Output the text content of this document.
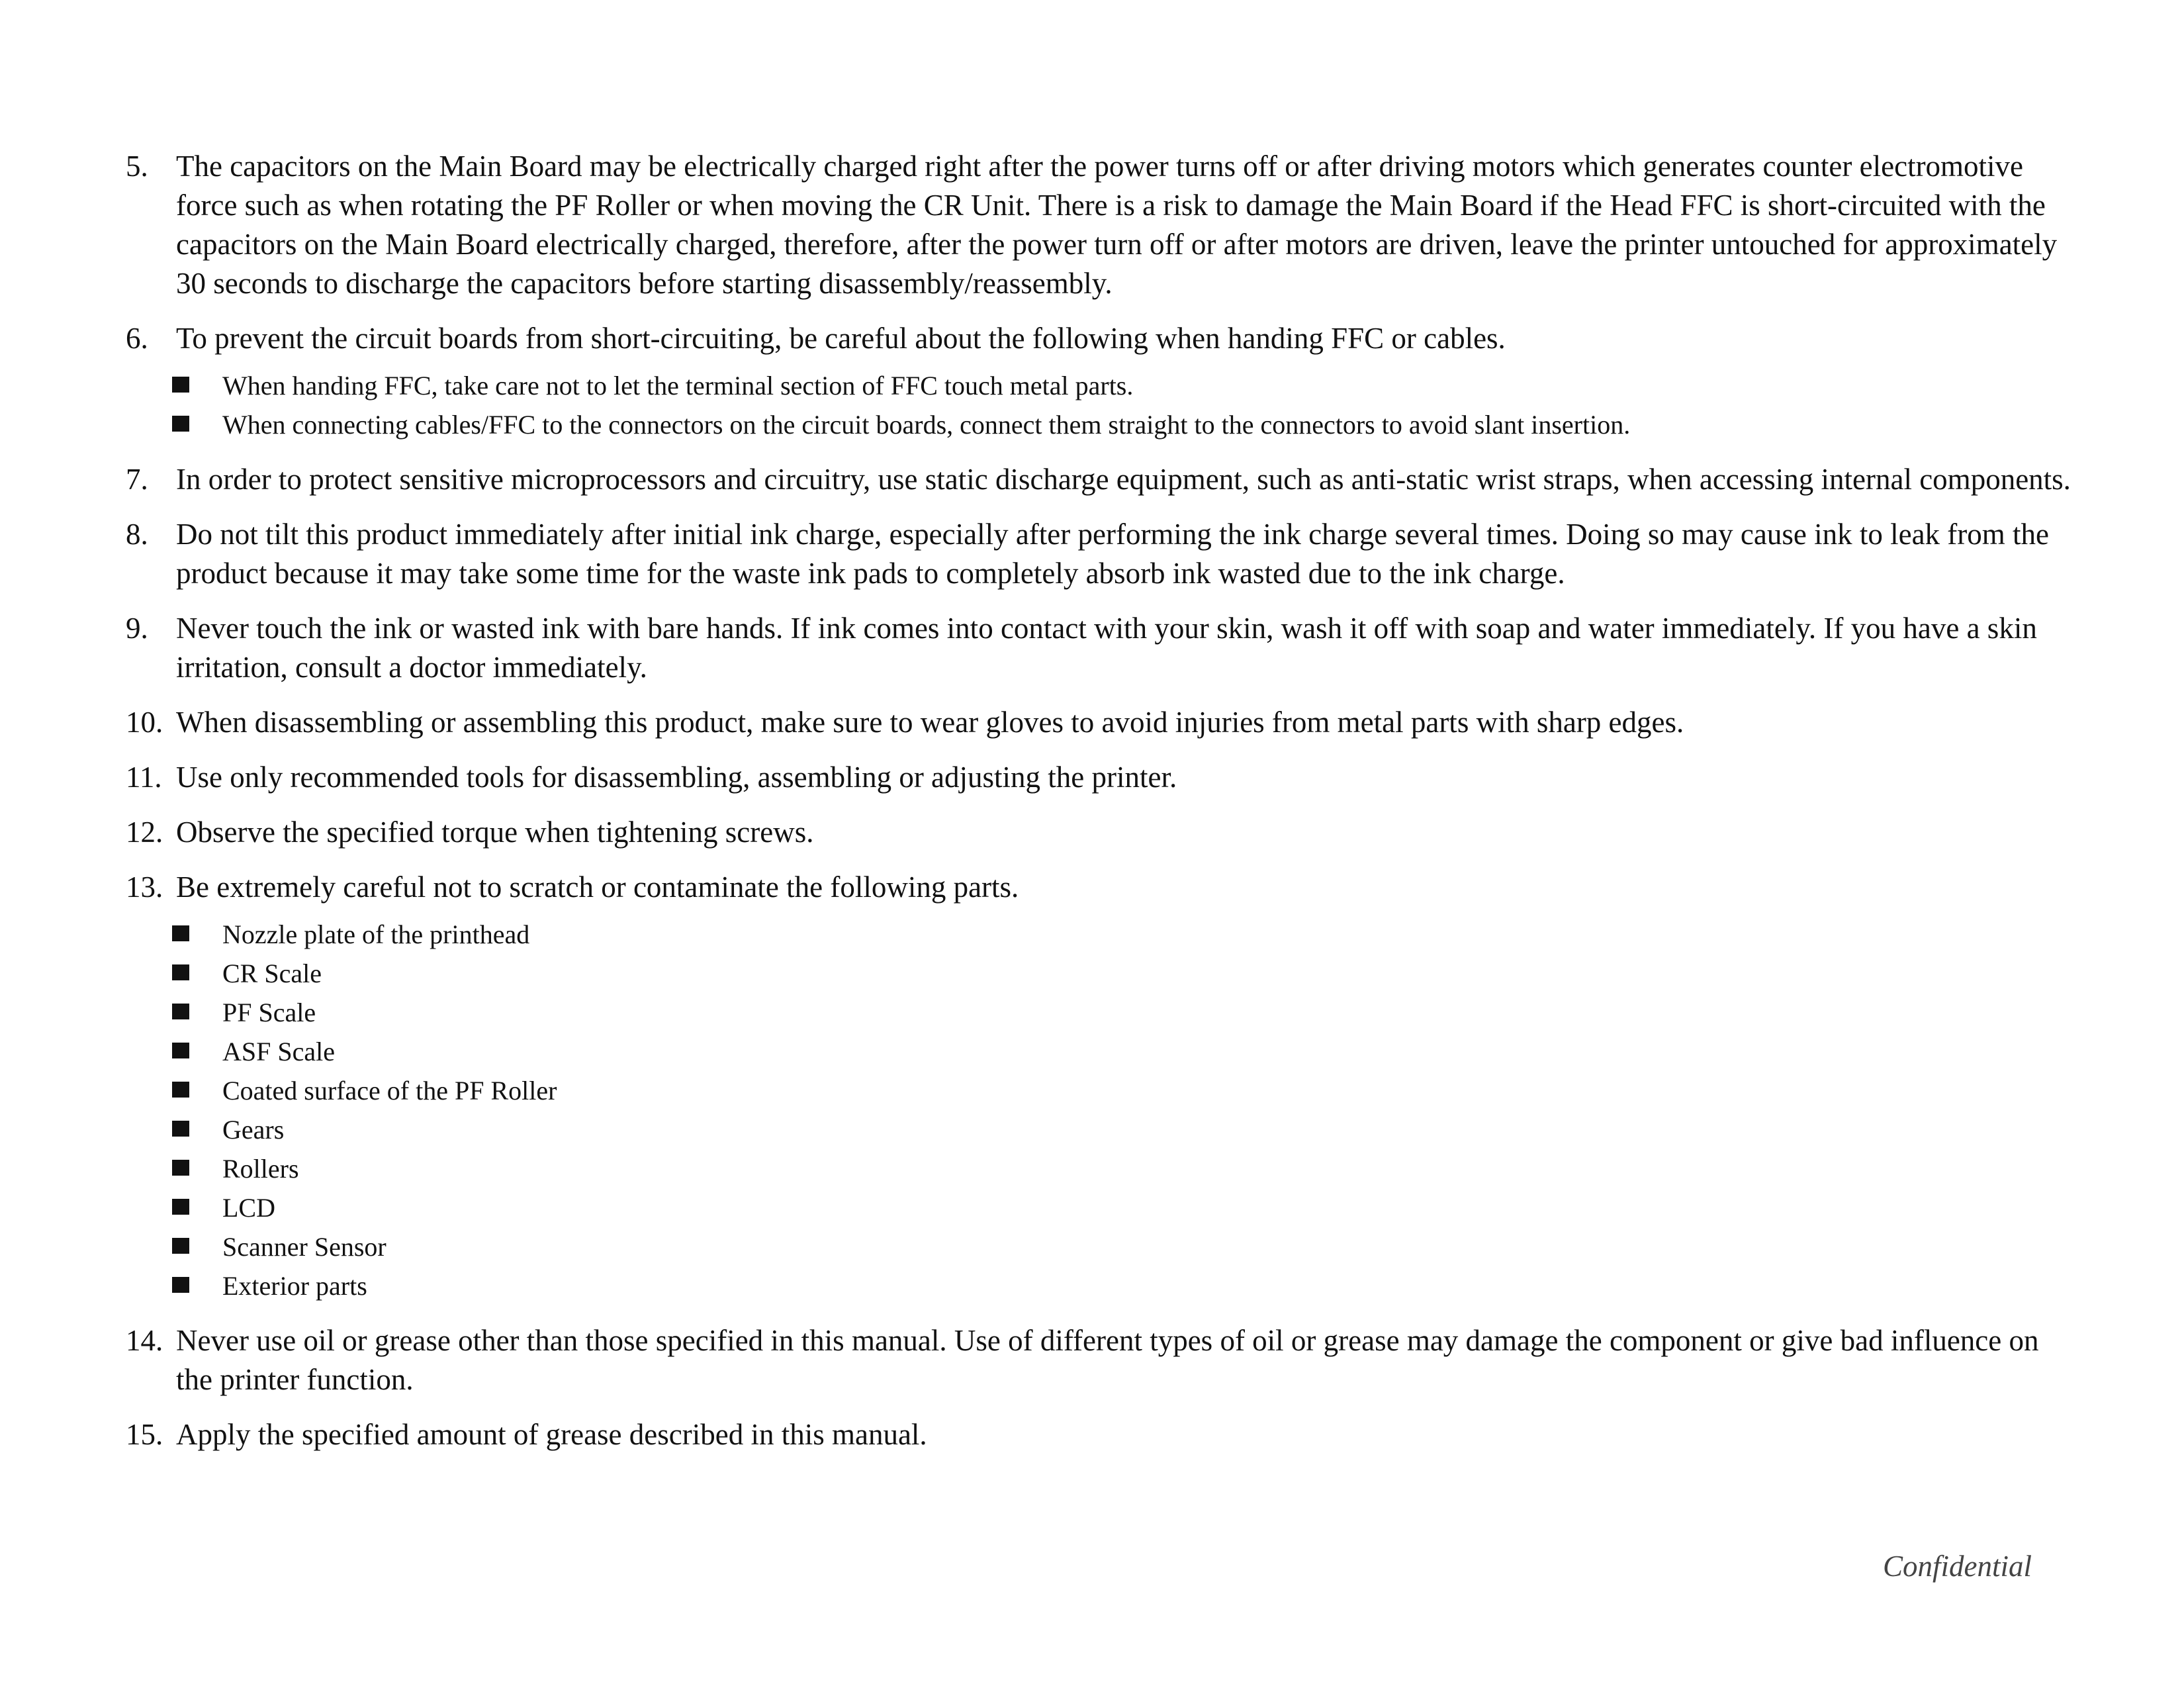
5. The capacitors on the Main Board may be electrically charged right after the power turns off or after driving motors which generates counter electromotive force such as when rotating the PF Roller or when moving the CR Unit. There is a risk to damage the Main Board if the Head FFC is short-circuited with the capacitors on the Main Board electrically charged, therefore, after the power turn off or after motors are driven, leave the printer untouched for approximately 30 seconds to discharge the capacitors before starting disassembly/reassembly.
6. To prevent the circuit boards from short-circuiting, be careful about the following when handing FFC or cables.
When handing FFC, take care not to let the terminal section of FFC touch metal parts.
When connecting cables/FFC to the connectors on the circuit boards, connect them straight to the connectors to avoid slant insertion.
7. In order to protect sensitive microprocessors and circuitry, use static discharge equipment, such as anti-static wrist straps, when accessing internal components.
8. Do not tilt this product immediately after initial ink charge, especially after performing the ink charge several times. Doing so may cause ink to leak from the product because it may take some time for the waste ink pads to completely absorb ink wasted due to the ink charge.
9. Never touch the ink or wasted ink with bare hands. If ink comes into contact with your skin, wash it off with soap and water immediately. If you have a skin irritation, consult a doctor immediately.
10. When disassembling or assembling this product, make sure to wear gloves to avoid injuries from metal parts with sharp edges.
11. Use only recommended tools for disassembling, assembling or adjusting the printer.
12. Observe the specified torque when tightening screws.
13. Be extremely careful not to scratch or contaminate the following parts.
Nozzle plate of the printhead
CR Scale
PF Scale
ASF Scale
Coated surface of the PF Roller
Gears
Rollers
LCD
Scanner Sensor
Exterior parts
14. Never use oil or grease other than those specified in this manual. Use of different types of oil or grease may damage the component or give bad influence on the printer function.
15. Apply the specified amount of grease described in this manual.
Confidential
